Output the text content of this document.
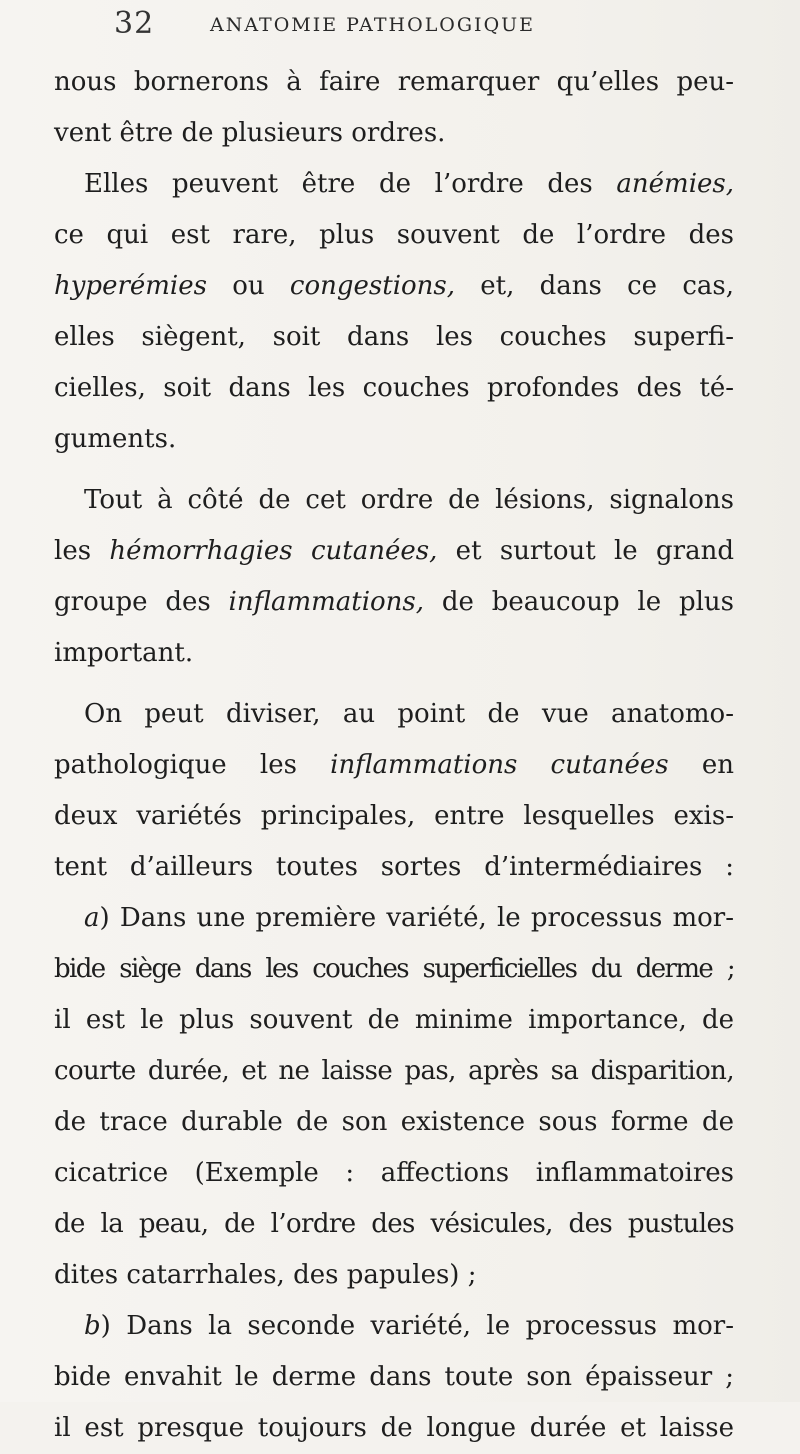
32	ANATOMIE PATHOLOGIQUE
nous bornerons à faire remarquer qu’elles peu-
vent être de plusieurs ordres.
Elles peuvent être de l’ordre des anémies,
ce qui est rare, plus souvent de l’ordre des
hyperémies ou congestions, et, dans ce cas,
elles siègent, soit dans les couches superfi-
cielles, soit dans les couches profondes des té-
guments.
Tout à côté de cet ordre de lésions, signalons
les hémorrhagies cutanées, et surtout le grand
groupe des inflammations, de beaucoup le plus
important.
On peut diviser, au point de vue anatomo-
pathologique les inflammations cutanées en
deux variétés principales, entre lesquelles exis-
tent d’ailleurs toutes sortes d’intermédiaires :
a) Dans une première variété, le processus mor-
bide siège dans les couches superficielles du derme ;
il est le plus souvent de minime importance, de
courte durée, et ne laisse pas, après sa disparition,
de trace durable de son existence sous forme de
cicatrice (Exemple : affections inflammatoires
de la peau, de l’ordre des vésicules, des pustules
dites catarrhales, des papules) ;
b) Dans la seconde variété, le processus mor-
bide envahit le derme dans toute son épaisseur ;
il est presque toujours de longue durée et laisse
